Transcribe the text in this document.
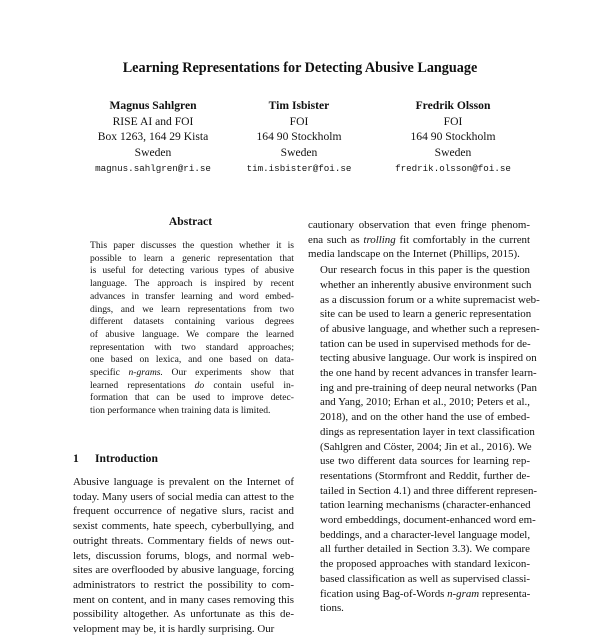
Learning Representations for Detecting Abusive Language
Magnus Sahlgren
RISE AI and FOI
Box 1263, 164 29 Kista
Sweden
magnus.sahlgren@ri.se
Tim Isbister
FOI
164 90 Stockholm
Sweden
tim.isbister@foi.se
Fredrik Olsson
FOI
164 90 Stockholm
Sweden
fredrik.olsson@foi.se
Abstract
This paper discusses the question whether it is
possible to learn a generic representation that
is useful for detecting various types of abusive
language. The approach is inspired by recent
advances in transfer learning and word embed-
dings, and we learn representations from two
different datasets containing various degrees
of abusive language. We compare the learned
representation with two standard approaches;
one based on lexica, and one based on data-
specific n-grams. Our experiments show that
learned representations do contain useful in-
formation that can be used to improve detec-
tion performance when training data is limited.
1 Introduction
Abusive language is prevalent on the Internet of
today. Many users of social media can attest to the
frequent occurrence of negative slurs, racist and
sexist comments, hate speech, cyberbullying, and
outright threats. Commentary fields of news out-
lets, discussion forums, blogs, and normal web-
sites are overflooded by abusive language, forcing
administrators to restrict the possibility to com-
ment on content, and in many cases removing this
possibility altogether. As unfortunate as this de-
velopment may be, it is hardly surprising. Our
cautionary observation that even fringe phenom-
ena such as trolling fit comfortably in the current
media landscape on the Internet (Phillips, 2015).
Our research focus in this paper is the question
whether an inherently abusive environment such
as a discussion forum or a white supremacist web-
site can be used to learn a generic representation
of abusive language, and whether such a represen-
tation can be used in supervised methods for de-
tecting abusive language. Our work is inspired on
the one hand by recent advances in transfer learn-
ing and pre-training of deep neural networks (Pan
and Yang, 2010; Erhan et al., 2010; Peters et al.,
2018), and on the other hand the use of embed-
dings as representation layer in text classification
(Sahlgren and Cöster, 2004; Jin et al., 2016). We
use two different data sources for learning rep-
resentations (Stormfront and Reddit, further de-
tailed in Section 4.1) and three different represen-
tation learning mechanisms (character-enhanced
word embeddings, document-enhanced word em-
beddings, and a character-level language model,
all further detailed in Section 3.3). We compare
the proposed approaches with standard lexicon-
based classification as well as supervised classi-
fication using Bag-of-Words n-gram representa-
tions.
